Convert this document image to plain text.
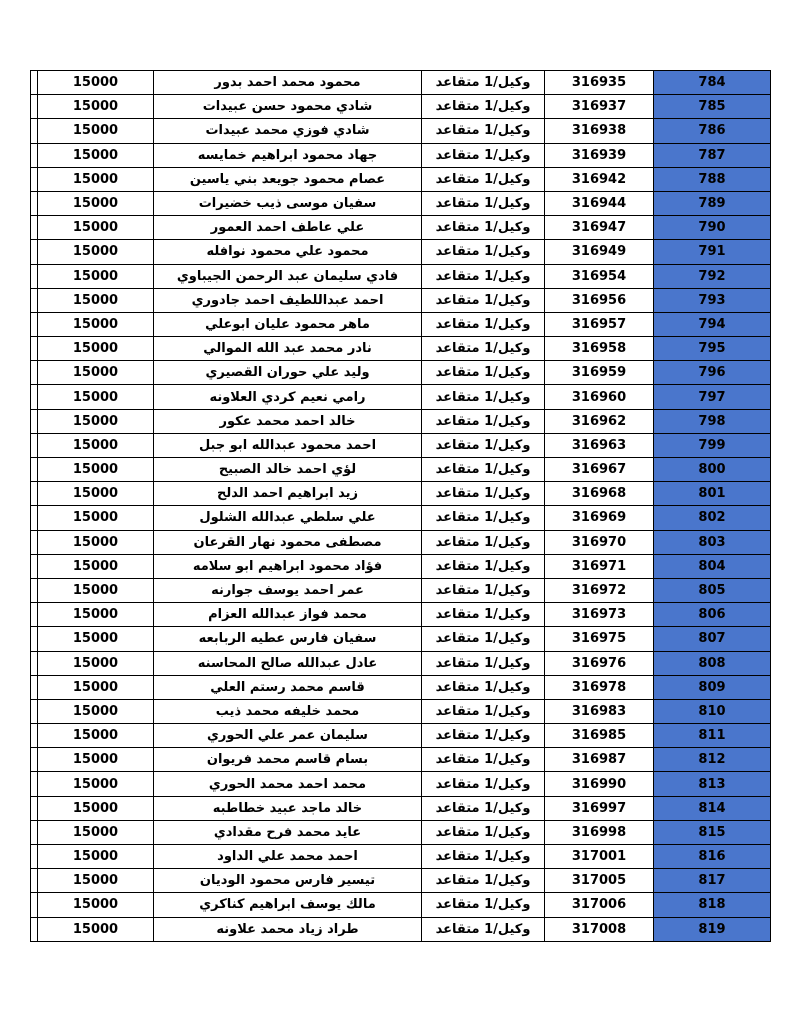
	15000	محمود محمد احمد بدور	وكيل/1 متقاعد	316935	784
	15000	شادي محمود حسن عبيدات	وكيل/1 متقاعد	316937	785
	15000	شادي فوزي محمد عبيدات	وكيل/1 متقاعد	316938	786
	15000	جهاد محمود ابراهيم خمايسه	وكيل/1 متقاعد	316939	787
	15000	عصام محمود جويعد بني ياسين	وكيل/1 متقاعد	316942	788
	15000	سفيان موسى ذيب خضيرات	وكيل/1 متقاعد	316944	789
	15000	علي عاطف احمد العمور	وكيل/1 متقاعد	316947	790
	15000	محمود علي محمود نوافله	وكيل/1 متقاعد	316949	791
	15000	فادي سليمان عبد الرحمن الجيباوي	وكيل/1 متقاعد	316954	792
	15000	احمد عبداللطيف احمد جادوري	وكيل/1 متقاعد	316956	793
	15000	ماهر محمود عليان ابوعلي	وكيل/1 متقاعد	316957	794
	15000	نادر محمد عبد الله الموالي	وكيل/1 متقاعد	316958	795
	15000	وليد علي حوران القصيري	وكيل/1 متقاعد	316959	796
	15000	رامي نعيم كردي العلاونه	وكيل/1 متقاعد	316960	797
	15000	خالد احمد محمد عكور	وكيل/1 متقاعد	316962	798
	15000	احمد محمود عبدالله ابو جبل	وكيل/1 متقاعد	316963	799
	15000	لؤي احمد خالد الصبيح	وكيل/1 متقاعد	316967	800
	15000	زيد ابراهيم احمد الدلح	وكيل/1 متقاعد	316968	801
	15000	علي سلطي عبدالله الشلول	وكيل/1 متقاعد	316969	802
	15000	مصطفى محمود نهار القرعان	وكيل/1 متقاعد	316970	803
	15000	فؤاد محمود ابراهيم ابو سلامه	وكيل/1 متقاعد	316971	804
	15000	عمر احمد يوسف جوارنه	وكيل/1 متقاعد	316972	805
	15000	محمد فواز عبدالله العزام	وكيل/1 متقاعد	316973	806
	15000	سفيان فارس عطيه الربابعه	وكيل/1 متقاعد	316975	807
	15000	عادل عبدالله صالح المحاسنه	وكيل/1 متقاعد	316976	808
	15000	قاسم محمد رستم العلي	وكيل/1 متقاعد	316978	809
	15000	محمد خليفه محمد ذيب	وكيل/1 متقاعد	316983	810
	15000	سليمان عمر علي الحوري	وكيل/1 متقاعد	316985	811
	15000	بسام قاسم محمد فريوان	وكيل/1 متقاعد	316987	812
	15000	محمد احمد محمد الحوري	وكيل/1 متقاعد	316990	813
	15000	خالد ماجد عبيد خطاطبه	وكيل/1 متقاعد	316997	814
	15000	عايد محمد فرح مقدادي	وكيل/1 متقاعد	316998	815
	15000	احمد محمد علي الداود	وكيل/1 متقاعد	317001	816
	15000	تيسير فارس محمود الوديان	وكيل/1 متقاعد	317005	817
	15000	مالك يوسف ابراهيم كناكري	وكيل/1 متقاعد	317006	818
	15000	طراد زياد محمد علاونه	وكيل/1 متقاعد	317008	819
